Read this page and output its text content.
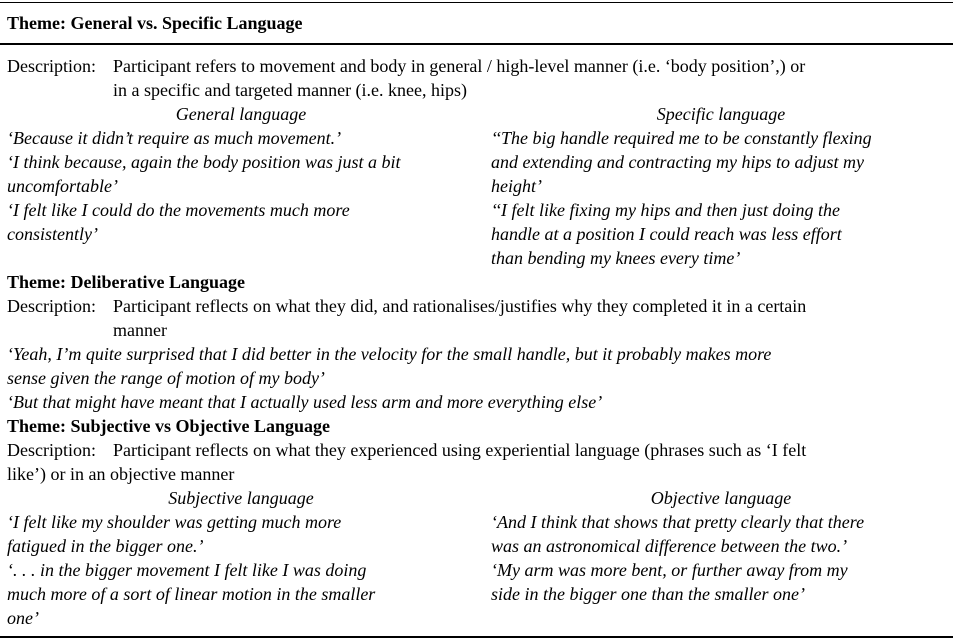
Theme: General vs. Specific Language
Description: Participant refers to movement and body in general / high-level manner (i.e. ‘body position’,) or
in a specific and targeted manner (i.e. knee, hips)
General language	Specific language
‘Because it didn’t require as much movement.’
‘I think because, again the body position was just a bit
uncomfortable’
‘I felt like I could do the movements much more
consistently’
‘‘The big handle required me to be constantly flexing
and extending and contracting my hips to adjust my
height’
‘‘I felt like fixing my hips and then just doing the
handle at a position I could reach was less effort
than bending my knees every time’
Theme: Deliberative Language
Description: Participant reflects on what they did, and rationalises/justifies why they completed it in a certain
manner
‘Yeah, I’m quite surprised that I did better in the velocity for the small handle, but it probably makes more
sense given the range of motion of my body’
‘But that might have meant that I actually used less arm and more everything else’
Theme: Subjective vs Objective Language
Description: Participant reflects on what they experienced using experiential language (phrases such as ‘I felt
like’) or in an objective manner
Subjective language	Objective language
‘I felt like my shoulder was getting much more
fatigued in the bigger one.’
‘. . . in the bigger movement I felt like I was doing
much more of a sort of linear motion in the smaller
one’
‘And I think that shows that pretty clearly that there
was an astronomical difference between the two.’
‘My arm was more bent, or further away from my
side in the bigger one than the smaller one’
